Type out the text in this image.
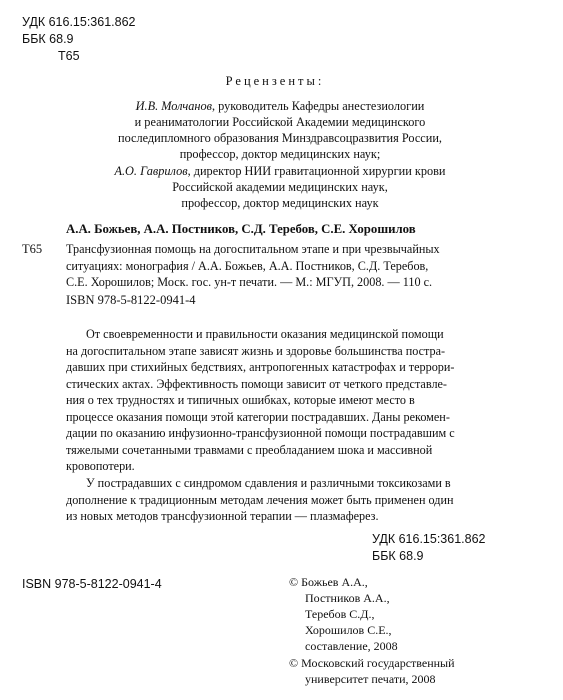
УДК 616.15:361.862
ББК 68.9
Т65
Рецензенты:
И.В. Молчанов, руководитель Кафедры анестезиологии
и реаниматологии Российской Академии медицинского
последипломного образования Минздравсоцразвития России,
профессор, доктор медицинских наук;
А.О. Гаврилов, директор НИИ гравитационной хирургии крови
Российской академии медицинских наук,
профессор, доктор медицинских наук
А.А. Божьев, А.А. Постников, С.Д. Теребов, С.Е. Хорошилов
Т65 Трансфузионная помощь на догоспитальном этапе и при чрезвычайных
ситуациях: монография / А.А. Божьев, А.А. Постников, С.Д. Теребов,
С.Е. Хорошилов; Моск. гос. ун-т печати. — М.: МГУП, 2008. — 110 с.
ISBN 978-5-8122-0941-4
От своевременности и правильности оказания медицинской помощи
на догоспитальном этапе зависят жизнь и здоровье большинства постра-
давших при стихийных бедствиях, антропогенных катастрофах и террори-
стических актах. Эффективность помощи зависит от четкого представле-
ния о тех трудностях и типичных ошибках, которые имеют место в
процессе оказания помощи этой категории пострадавших. Даны рекомен-
дации по оказанию инфузионно-трансфузионной помощи пострадавшим с
тяжелыми сочетанными травмами с преобладанием шока и массивной
кровопотери.
У пострадавших с синдромом сдавления и различными токсикозами в
дополнение к традиционным методам лечения может быть применен один
из новых методов трансфузионной терапии — плазмаферез.
УДК 616.15:361.862
ББК 68.9
ISBN 978-5-8122-0941-4	© Божьев А.А.,
Постников А.А.,
Теребов С.Д.,
Хорошилов С.Е.,
составление, 2008
© Московский государственный
университет печати, 2008
